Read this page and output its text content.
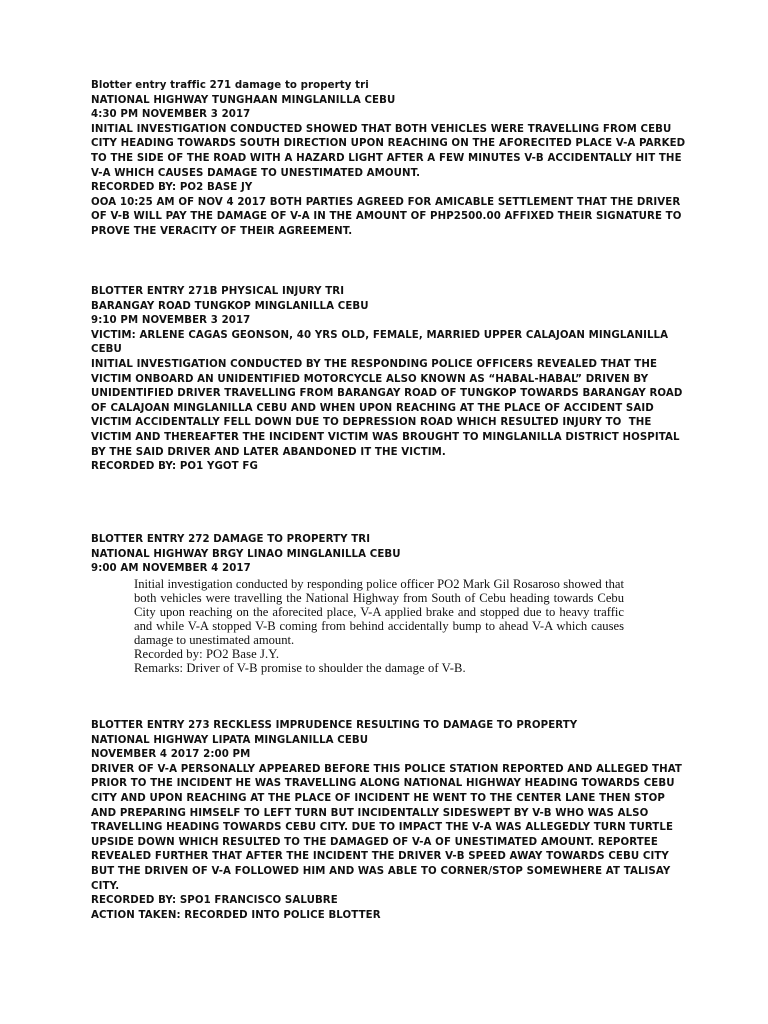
Blotter entry traffic 271 damage to property tri

NATIONAL HIGHWAY TUNGHAAN MINGLANILLA CEBU

4:30 PM NOVEMBER 3 2017

INITIAL INVESTIGATION CONDUCTED SHOWED THAT BOTH VEHICLES WERE TRAVELLING FROM CEBU CITY HEADING TOWARDS SOUTH DIRECTION UPON REACHING ON THE AFORECITED PLACE V-A PARKED TO THE SIDE OF THE ROAD WITH A HAZARD LIGHT AFTER A FEW MINUTES V-B ACCIDENTALLY HIT THE V-A WHICH CAUSES DAMAGE TO UNESTIMATED AMOUNT.

RECORDED BY: PO2 BASE JY

OOA 10:25 AM OF NOV 4 2017 BOTH PARTIES AGREED FOR AMICABLE SETTLEMENT THAT THE DRIVER OF V-B WILL PAY THE DAMAGE OF V-A IN THE AMOUNT OF PHP2500.00 AFFIXED THEIR SIGNATURE TO PROVE THE VERACITY OF THEIR AGREEMENT.

BLOTTER ENTRY 271B PHYSICAL INJURY TRI

BARANGAY ROAD TUNGKOP MINGLANILLA CEBU

9:10 PM NOVEMBER 3 2017

VICTIM: ARLENE CAGAS GEONSON, 40 YRS OLD, FEMALE, MARRIED UPPER CALAJOAN MINGLANILLA CEBU

INITIAL INVESTIGATION CONDUCTED BY THE RESPONDING POLICE OFFICERS REVEALED THAT THE VICTIM ONBOARD AN UNIDENTIFIED MOTORCYCLE ALSO KNOWN AS “HABAL-HABAL” DRIVEN BY UNIDENTIFIED DRIVER TRAVELLING FROM BARANGAY ROAD OF TUNGKOP TOWARDS BARANGAY ROAD OF CALAJOAN MINGLANILLA CEBU AND WHEN UPON REACHING AT THE PLACE OF ACCIDENT SAID VICTIM ACCIDENTALLY FELL DOWN DUE TO DEPRESSION ROAD WHICH RESULTED INJURY TO  THE VICTIM AND THEREAFTER THE INCIDENT VICTIM WAS BROUGHT TO MINGLANILLA DISTRICT HOSPITAL BY THE SAID DRIVER AND LATER ABANDONED IT THE VICTIM.

RECORDED BY: PO1 YGOT FG

BLOTTER ENTRY 272 DAMAGE TO PROPERTY TRI

NATIONAL HIGHWAY BRGY LINAO MINGLANILLA CEBU

9:00 AM NOVEMBER 4 2017

Initial investigation conducted by responding police officer PO2 Mark Gil Rosaroso showed that both vehicles were travelling the National Highway from South of Cebu heading towards Cebu City upon reaching on the aforecited place, V-A applied brake and stopped due to heavy traffic and while V-A stopped V-B coming from behind accidentally bump to ahead V-A which causes damage to unestimated amount.

Recorded by: PO2 Base J.Y.

Remarks: Driver of V-B promise to shoulder the damage of V-B.

BLOTTER ENTRY 273 RECKLESS IMPRUDENCE RESULTING TO DAMAGE TO PROPERTY

NATIONAL HIGHWAY LIPATA MINGLANILLA CEBU

NOVEMBER 4 2017 2:00 PM

DRIVER OF V-A PERSONALLY APPEARED BEFORE THIS POLICE STATION REPORTED AND ALLEGED THAT PRIOR TO THE INCIDENT HE WAS TRAVELLING ALONG NATIONAL HIGHWAY HEADING TOWARDS CEBU CITY AND UPON REACHING AT THE PLACE OF INCIDENT HE WENT TO THE CENTER LANE THEN STOP AND PREPARING HIMSELF TO LEFT TURN BUT INCIDENTALLY SIDESWEPT BY V-B WHO WAS ALSO TRAVELLING HEADING TOWARDS CEBU CITY. DUE TO IMPACT THE V-A WAS ALLEGEDLY TURN TURTLE UPSIDE DOWN WHICH RESULTED TO THE DAMAGED OF V-A OF UNESTIMATED AMOUNT. REPORTEE REVEALED FURTHER THAT AFTER THE INCIDENT THE DRIVER V-B SPEED AWAY TOWARDS CEBU CITY BUT THE DRIVEN OF V-A FOLLOWED HIM AND WAS ABLE TO CORNER/STOP SOMEWHERE AT TALISAY CITY.

RECORDED BY: SPO1 FRANCISCO SALUBRE

ACTION TAKEN: RECORDED INTO POLICE BLOTTER
